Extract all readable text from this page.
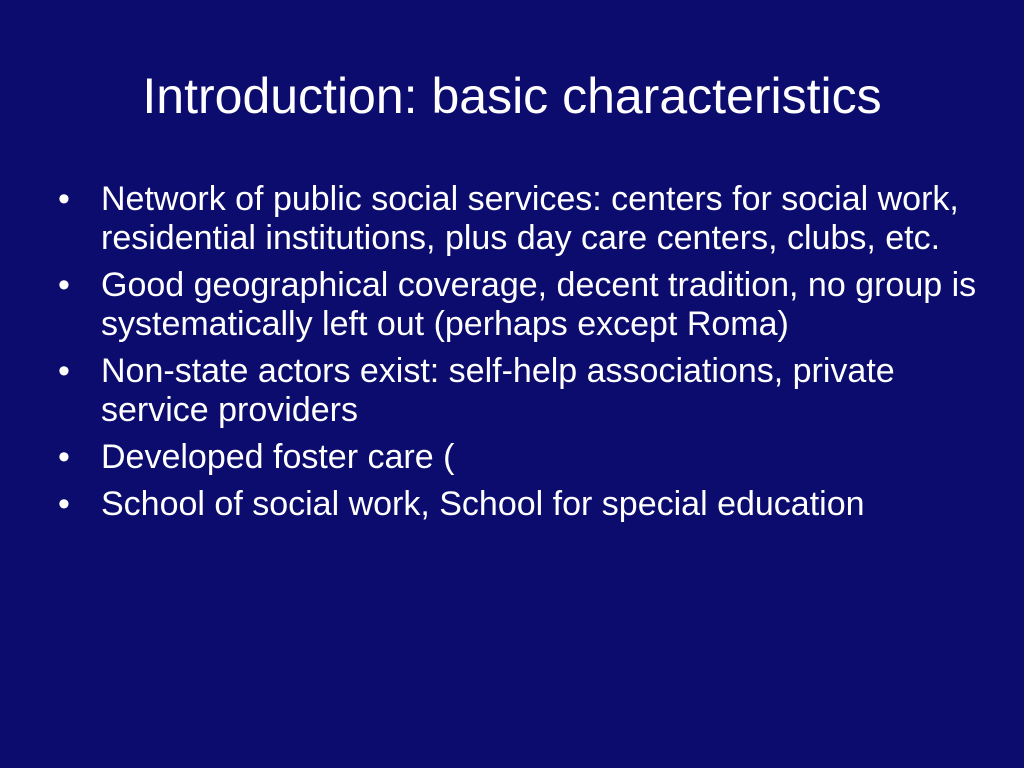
Introduction: basic characteristics
• Network of public social services: centers for social work, residential institutions, plus day care centers, clubs, etc.
• Good geographical coverage, decent tradition, no group is systematically left out (perhaps except Roma)
• Non-state actors exist: self-help associations, private service providers
• Developed foster care (
• School of social work, School for special education
